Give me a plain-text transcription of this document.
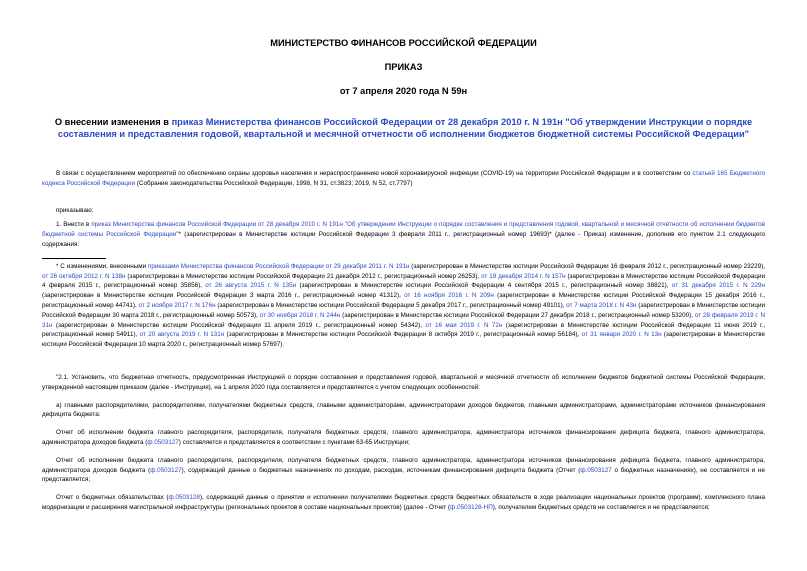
МИНИСТЕРСТВО ФИНАНСОВ РОССИЙСКОЙ ФЕДЕРАЦИИ

ПРИКАЗ

от 7 апреля 2020 года N 59н

О внесении изменения в приказ Министерства финансов Российской Федерации от 28 декабря 2010 г. N 191н "Об утверждении Инструкции о порядке составления и представления годовой, квартальной и месячной отчетности об исполнении бюджетов бюджетной системы Российской Федерации"

В связи с осуществлением мероприятий по обеспечению охраны здоровья населения и нераспространению новой коронавирусной инфекции (COVID-19) на территории Российской Федерации и в соответствии со статьей 165 Бюджетного кодекса Российской Федерации (Собрание законодательства Российской Федерации, 1998, N 31, ст.3823; 2019, N 52, ст.7797)

приказываю:

1. Внести в приказ Министерства финансов Российской Федерации от 28 декабря 2010 г. N 191н "Об утверждении Инструкции о порядке составления и представления годовой, квартальной и месячной отчетности об исполнении бюджетов бюджетной системы Российской Федерации"* (зарегистрирован в Министерстве юстиции Российской Федерации 3 февраля 2011 г., регистрационный номер 19693)* (далее - Приказ) изменение, дополнив его пунктом 2.1 следующего содержания:

* С изменениями, внесенными приказами Министерства финансов Российской Федерации от 29 декабря 2011 г. N 191н (зарегистрирован в Министерстве юстиции Российской Федерации 16 февраля 2012 г., регистрационный номер 23229), от 26 октября 2012 г. N 138н (зарегистрирован в Министерстве юстиции Российской Федерации 21 декабря 2012 г., регистрационный номер 26253), от 19 декабря 2014 г. N 157н (зарегистрирован в Министерстве юстиции Российской Федерации 4 февраля 2015 г., регистрационный номер 35856), от 26 августа 2015 г. N 135н (зарегистрирован в Министерстве юстиции Российской Федерации 4 сентября 2015 г., регистрационный номер 38821), от 31 декабря 2015 г. N 229н (зарегистрирован в Министерстве юстиции Российской Федерации 3 марта 2016 г., регистрационный номер 41312), от 16 ноября 2016 г. N 209н (зарегистрирован в Министерстве юстиции Российской Федерации 15 декабря 2016 г., регистрационный номер 44741), от 2 ноября 2017 г. N 176н (зарегистрирован в Министерстве юстиции Российской Федерации 5 декабря 2017 г., регистрационный номер 49101), от 7 марта 2018 г. N 43н (зарегистрирован в Министерстве юстиции Российской Федерации 30 марта 2018 г., регистрационный номер 50573), от 30 ноября 2018 г. N 244н (зарегистрирован в Министерстве юстиции Российской Федерации 27 декабря 2018 г., регистрационный номер 53200), от 28 февраля 2019 г. N 31н (зарегистрирован в Министерстве юстиции Российской Федерации 11 апреля 2019 г., регистрационный номер 54342), от 16 мая 2019 г. N 72н (зарегистрирован в Министерстве юстиции Российской Федерации 11 июня 2019 г., регистрационный номер 54911), от 20 августа 2019 г. N 131н (зарегистрирован в Министерстве юстиции Российской Федерации 8 октября 2019 г., регистрационный номер 56184), от 31 января 2020 г. N 13н (зарегистрирован в Министерстве юстиции Российской Федерации 10 марта 2020 г., регистрационный номер 57697).

"2.1. Установить, что бюджетная отчетность, предусмотренная Инструкцией о порядке составления и представления годовой, квартальной и месячной отчетности об исполнении бюджетов бюджетной системы Российской Федерации, утвержденной настоящим приказом (далее - Инструкция), на 1 апреля 2020 года составляется и представляется с учетом следующих особенностей:

а) главными распорядителями, распорядителями, получателями бюджетных средств, главными администраторами, администраторами доходов бюджетов, главными администраторами, администраторами источников финансирования дефицита бюджета:

Отчет об исполнении бюджета главного распорядителя, распорядителя, получателя бюджетных средств, главного администратора, администратора источников финансирования дефицита бюджета, главного администратора, администратора доходов бюджета (ф.0503127) составляется и представляется в соответствии с пунктами 63-65 Инструкции;

Отчет об исполнении бюджета главного распорядителя, распорядителя, получателя бюджетных средств, главного администратора, администратора источников финансирования дефицита бюджета, главного администратора, администратора доходов бюджета (ф.0503127), содержащий данные о бюджетных назначениях по доходам, расходам, источникам финансирования дефицита бюджета (Отчет (ф.0503127 о бюджетных назначениях), не составляется и не представляется;

Отчет о бюджетных обязательствах (ф.0503128), содержащий данные о принятии и исполнении получателями бюджетных средств бюджетных обязательств в ходе реализации национальных проектов (программ), комплексного плана модернизации и расширения магистральной инфраструктуры (региональных проектов в составе национальных проектов) (далее - Отчет (ф.0503128-НП), получателем бюджетных средств не составляется и не представляется;
